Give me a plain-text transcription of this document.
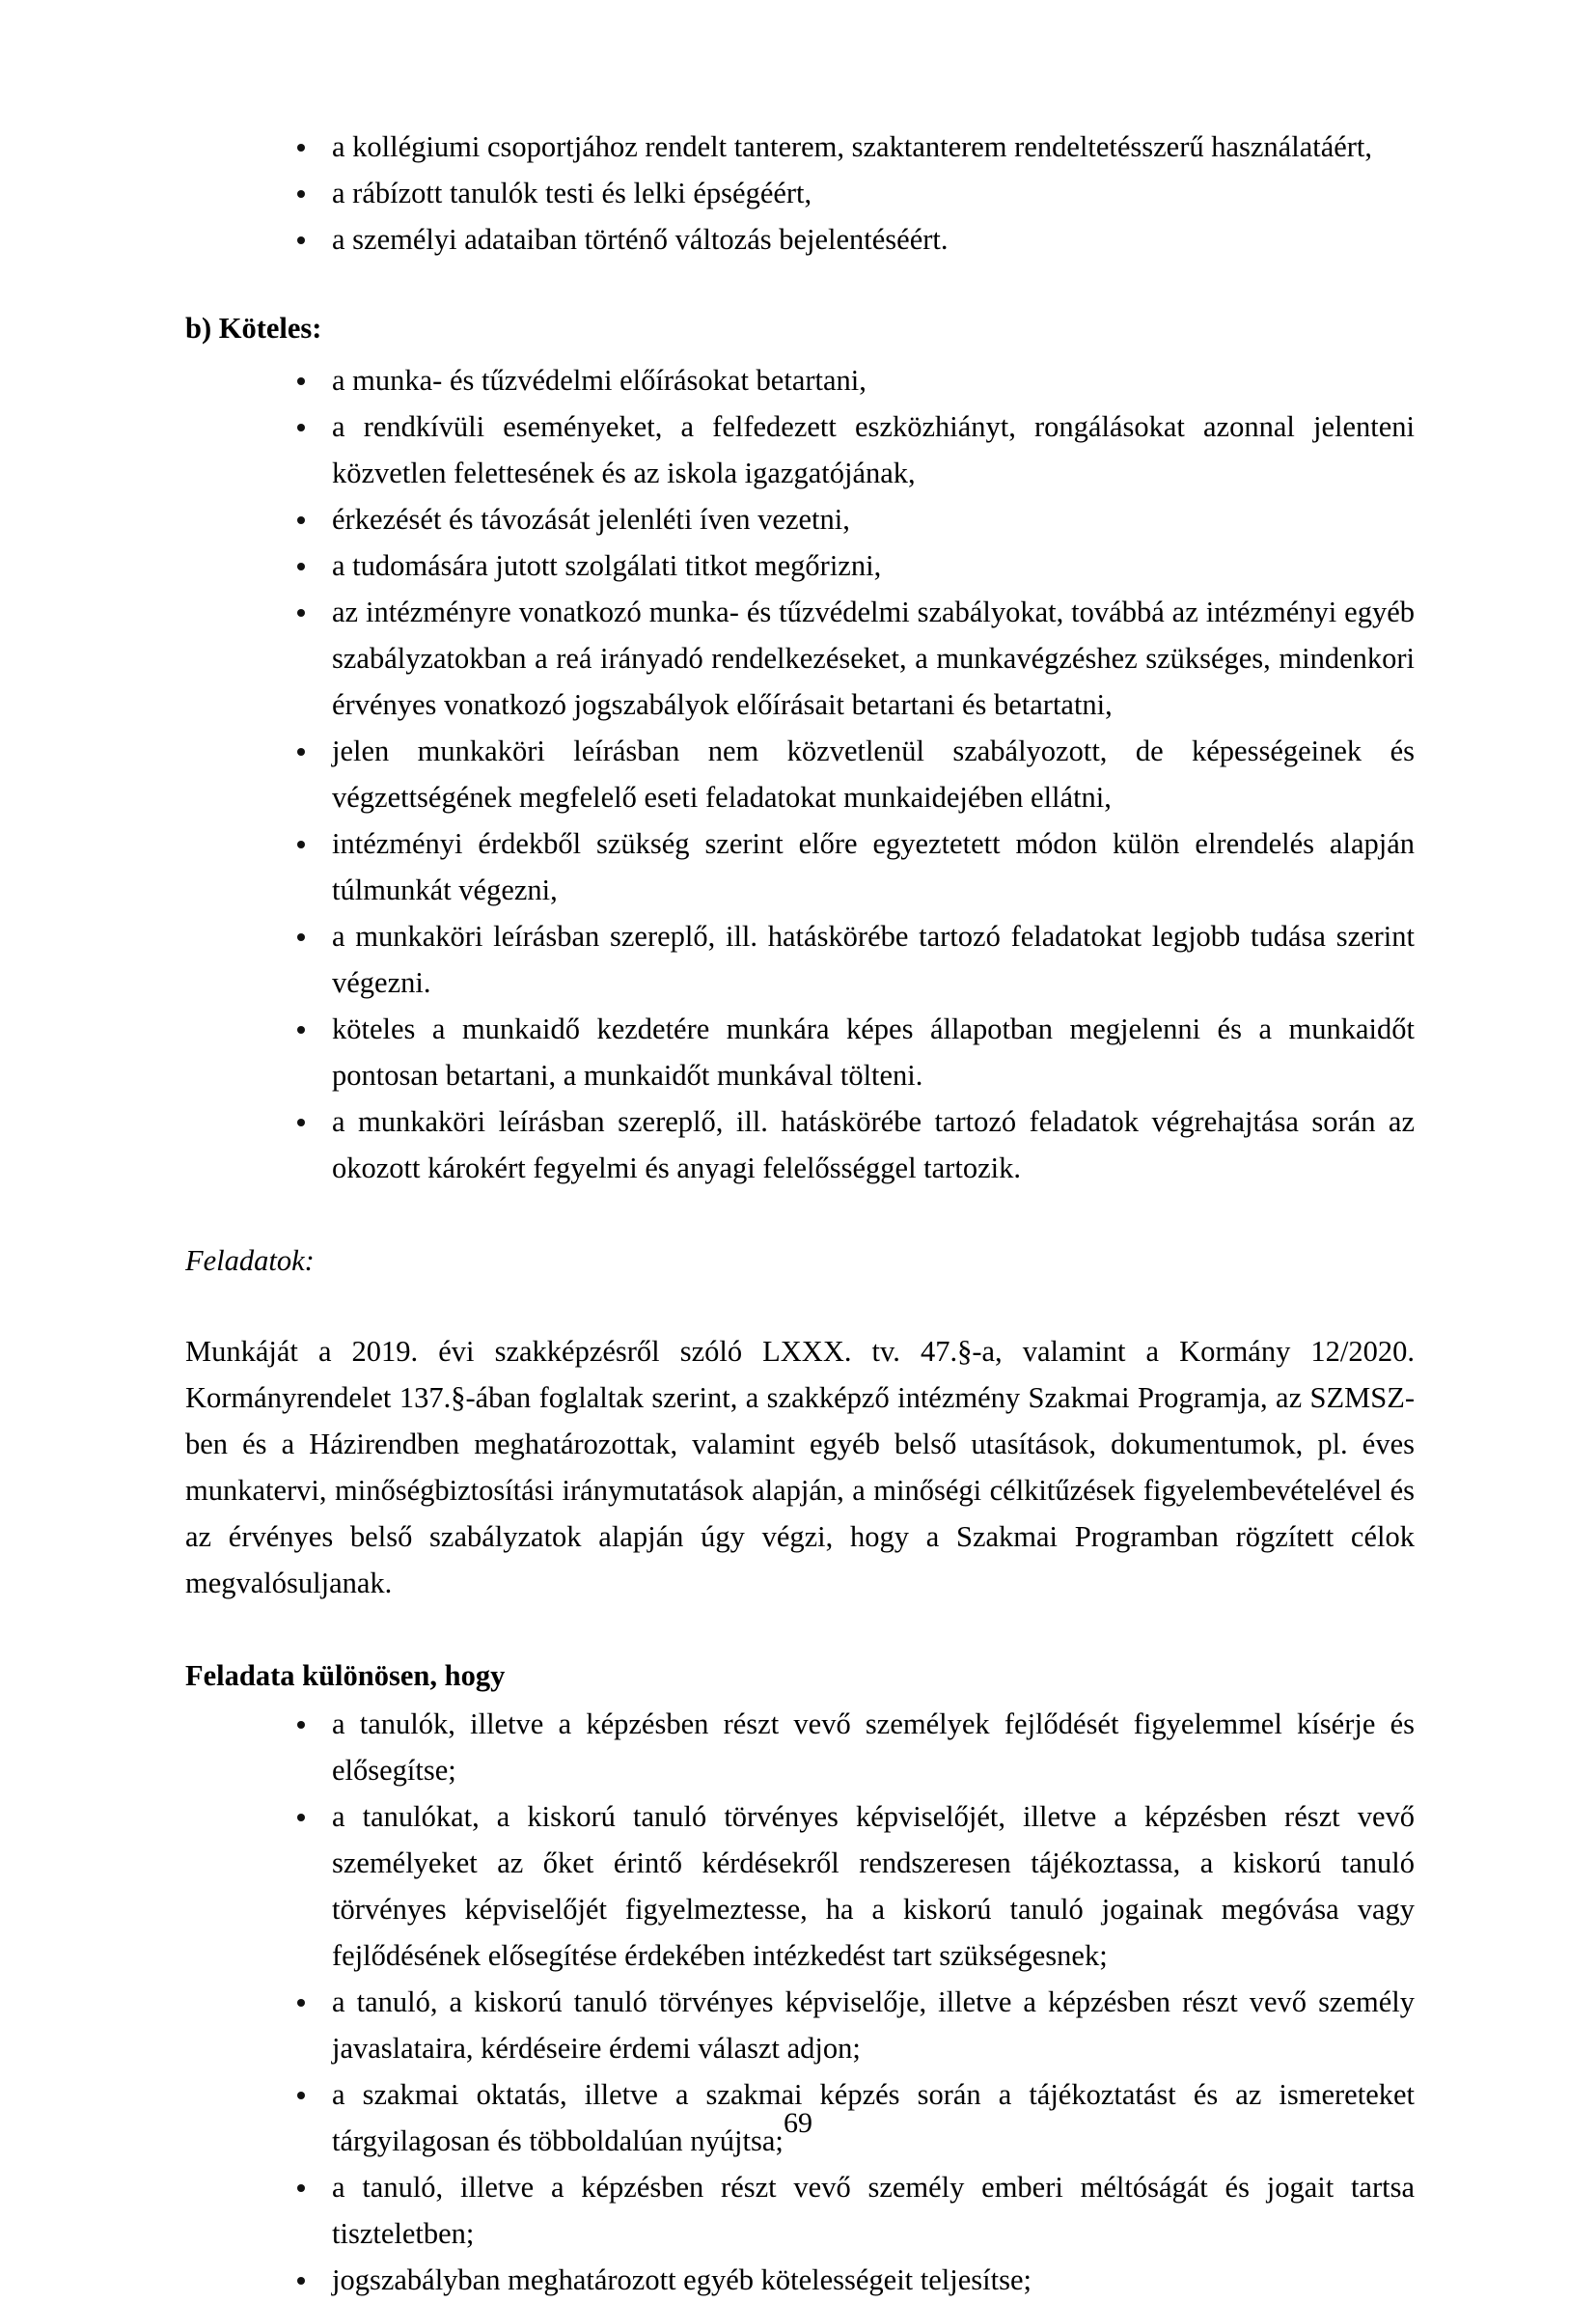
a kollégiumi csoportjához rendelt tanterem, szaktanterem rendeltetésszerű használatáért,
a rábízott tanulók testi és lelki épségéért,
a személyi adataiban történő változás bejelentéséért.

b) Köteles:

a munka- és tűzvédelmi előírásokat betartani,
a rendkívüli eseményeket, a felfedezett eszközhiányt, rongálásokat azonnal jelenteni közvetlen felettesének és az iskola igazgatójának,
érkezését és távozását jelenléti íven vezetni,
a tudomására jutott szolgálati titkot megőrizni,
az intézményre vonatkozó munka- és tűzvédelmi szabályokat, továbbá az intézményi egyéb szabályzatokban a reá irányadó rendelkezéseket, a munkavégzéshez szükséges, mindenkori érvényes vonatkozó jogszabályok előírásait betartani és betartatni,
jelen munkaköri leírásban nem közvetlenül szabályozott, de képességeinek és végzettségének megfelelő eseti feladatokat munkaidejében ellátni,
intézményi érdekből szükség szerint előre egyeztetett módon külön elrendelés alapján túlmunkát végezni,
a munkaköri leírásban szereplő, ill. hatáskörébe tartozó feladatokat legjobb tudása szerint végezni.
köteles a munkaidő kezdetére munkára képes állapotban megjelenni és a munkaidőt pontosan betartani, a munkaidőt munkával tölteni.
a munkaköri leírásban szereplő, ill. hatáskörébe tartozó feladatok végrehajtása során az okozott károkért fegyelmi és anyagi felelősséggel tartozik.

Feladatok:

Munkáját a 2019. évi szakképzésről szóló LXXX. tv. 47.§-a, valamint a Kormány 12/2020. Kormányrendelet 137.§-ában foglaltak szerint, a szakképző intézmény Szakmai Programja, az SZMSZ-ben és a Házirendben meghatározottak, valamint egyéb belső utasítások, dokumentumok, pl. éves munkatervi, minőségbiztosítási iránymutatások alapján, a minőségi célkitűzések figyelembevételével és az érvényes belső szabályzatok alapján úgy végzi, hogy a Szakmai Programban rögzített célok megvalósuljanak.

Feladata különösen, hogy

a tanulók, illetve a képzésben részt vevő személyek fejlődését figyelemmel kísérje és elősegítse;
a tanulókat, a kiskorú tanuló törvényes képviselőjét, illetve a képzésben részt vevő személyeket az őket érintő kérdésekről rendszeresen tájékoztassa, a kiskorú tanuló törvényes képviselőjét figyelmeztesse, ha a kiskorú tanuló jogainak megóvása vagy fejlődésének elősegítése érdekében intézkedést tart szükségesnek;
a tanuló, a kiskorú tanuló törvényes képviselője, illetve a képzésben részt vevő személy javaslataira, kérdéseire érdemi választ adjon;
a szakmai oktatás, illetve a szakmai képzés során a tájékoztatást és az ismereteket tárgyilagosan és többoldalúan nyújtsa;
a tanuló, illetve a képzésben részt vevő személy emberi méltóságát és jogait tartsa tiszteletben;
jogszabályban meghatározott egyéb kötelességeit teljesítse;
69
